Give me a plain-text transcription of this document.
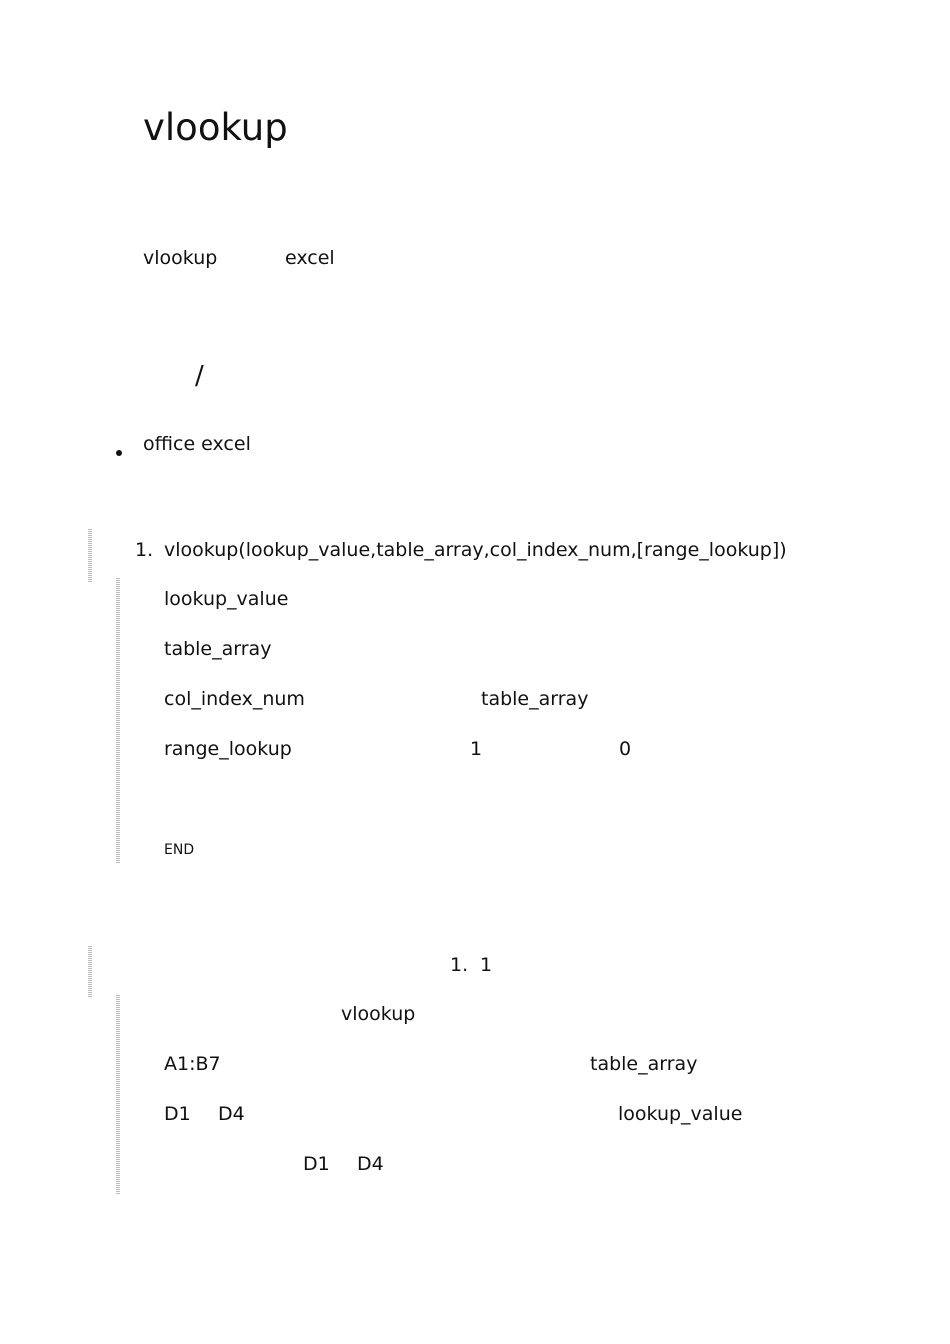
vlookup
vlookup	excel
/
office excel
1. vlookup(lookup_value,table_array,col_index_num,[range_lookup])
lookup_value
table_array
col_index_num	table_array
range_lookup	1	0
END
1. 1
vlookup
A1:B7	table_array
D1 D4	lookup_value
D1 D4
